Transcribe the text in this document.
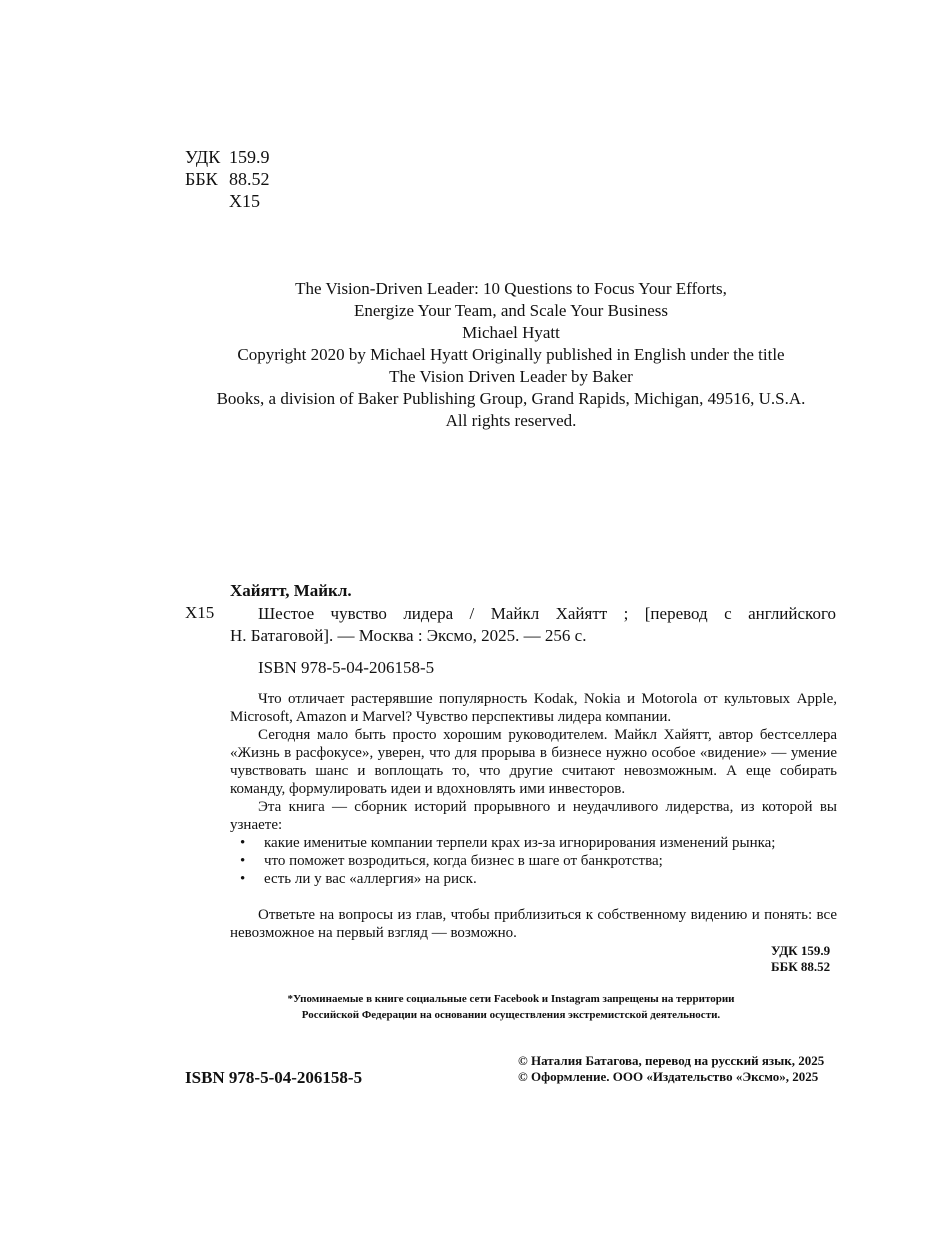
УДК 159.9
ББК 88.52
Х15
The Vision-Driven Leader: 10 Questions to Focus Your Efforts,
Energize Your Team, and Scale Your Business
Michael Hyatt
Copyright 2020 by Michael Hyatt Originally published in English under the title
The Vision Driven Leader by Baker
Books, a division of Baker Publishing Group, Grand Rapids, Michigan, 49516, U.S.A.
All rights reserved.
Хайятт, Майкл.
Х15	Шестое чувство лидера / Майкл Хайятт ; [перевод с английского
Н. Батаговой]. — Москва : Эксмо, 2025. — 256 с.
ISBN 978-5-04-206158-5

Что отличает растерявшие популярность Kodak, Nokia и Motorola от культовых Apple, Microsoft, Amazon и Marvel? Чувство перспективы лидера компании.

Сегодня мало быть просто хорошим руководителем. Майкл Хайятт, автор бестселлера «Жизнь в расфокусе», уверен, что для прорыва в бизнесе нужно особое «видение» — умение чувствовать шанс и воплощать то, что другие считают невозможным. А еще собирать команду, формулировать идеи и вдохновлять ими инвесторов.

Эта книга — сборник историй прорывного и неудачливого лидерства, из которой вы узнаете:

• какие именитые компании терпели крах из-за игнорирования изменений рынка;
• что поможет возродиться, когда бизнес в шаге от банкротства;
• есть ли у вас «аллергия» на риск.

Ответьте на вопросы из глав, чтобы приблизиться к собственному видению и понять: все невозможное на первый взгляд — возможно.

УДК 159.9
ББК 88.52
*Упоминаемые в книге социальные сети Facebook и Instagram запрещены на территории
Российской Федерации на основании осуществления экстремистской деятельности.
ISBN 978-5-04-206158-5
© Наталия Батагова, перевод на русский язык, 2025
© Оформление. ООО «Издательство «Эксмо», 2025
